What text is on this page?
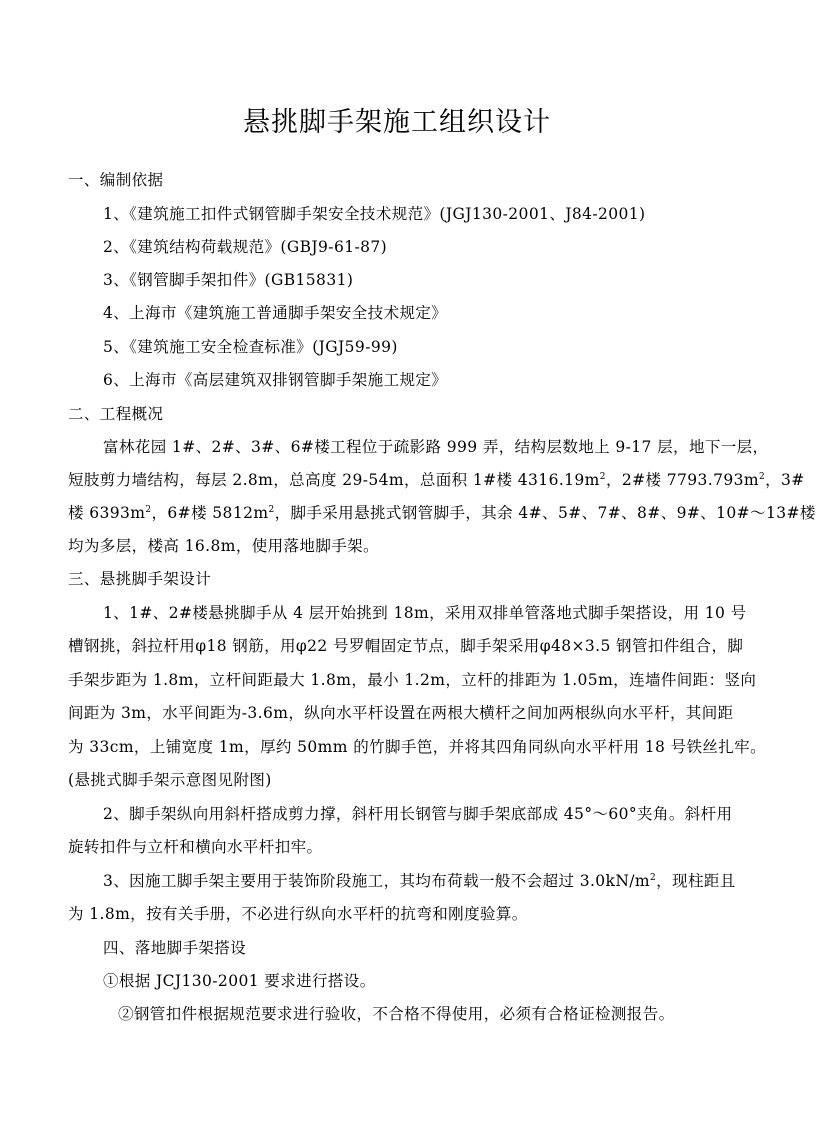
悬挑脚手架施工组织设计
一、编制依据
1、《建筑施工扣件式钢管脚手架安全技术规范》(JGJ130-2001、J84-2001)
2、《建筑结构荷载规范》(GBJ9-61-87)
3、《钢管脚手架扣件》(GB15831)
4、上海市《建筑施工普通脚手架安全技术规定》
5、《建筑施工安全检查标准》(JGJ59-99)
6、上海市《高层建筑双排钢管脚手架施工规定》
二、工程概况
富林花园 1#、2#、3#、6#楼工程位于疏影路 999 弄，结构层数地上 9-17 层，地下一层，
短肢剪力墙结构，每层 2.8m，总高度 29-54m，总面积 1#楼 $4316.19m^2$，2#楼 $7793.793m^2$，3#
楼 $6393m^2$，6#楼 $5812m^2$，脚手采用悬挑式钢管脚手，其余 4#、5#、7#、8#、9#、10#～13#楼
均为多层，楼高 16.8m，使用落地脚手架。
三、悬挑脚手架设计
1、1#、2#楼悬挑脚手从 4 层开始挑到 18m，采用双排单管落地式脚手架搭设，用 10 号
槽钢挑，斜拉杆用φ18 钢筋，用φ22 号罗帽固定节点，脚手架采用φ48×3.5 钢管扣件组合，脚
手架步距为 1.8m，立杆间距最大 1.8m，最小 1.2m，立杆的排距为 1.05m，连墙件间距：竖向
间距为 3m，水平间距为-3.6m，纵向水平杆设置在两根大横杆之间加两根纵向水平杆，其间距
为 33cm，上铺宽度 1m，厚约 50mm 的竹脚手笆，并将其四角同纵向水平杆用 18 号铁丝扎牢。
(悬挑式脚手架示意图见附图)
2、脚手架纵向用斜杆搭成剪力撑，斜杆用长钢管与脚手架底部成 45°～60°夹角。斜杆用
旋转扣件与立杆和横向水平杆扣牢。
3、因施工脚手架主要用于装饰阶段施工，其均布荷载一般不会超过 $3.0kN/m^2$，现柱距且
为 1.8m，按有关手册，不必进行纵向水平杆的抗弯和刚度验算。
四、落地脚手架搭设
①根据 JCJ130-2001 要求进行搭设。
②钢管扣件根据规范要求进行验收，不合格不得使用，必须有合格证检测报告。
